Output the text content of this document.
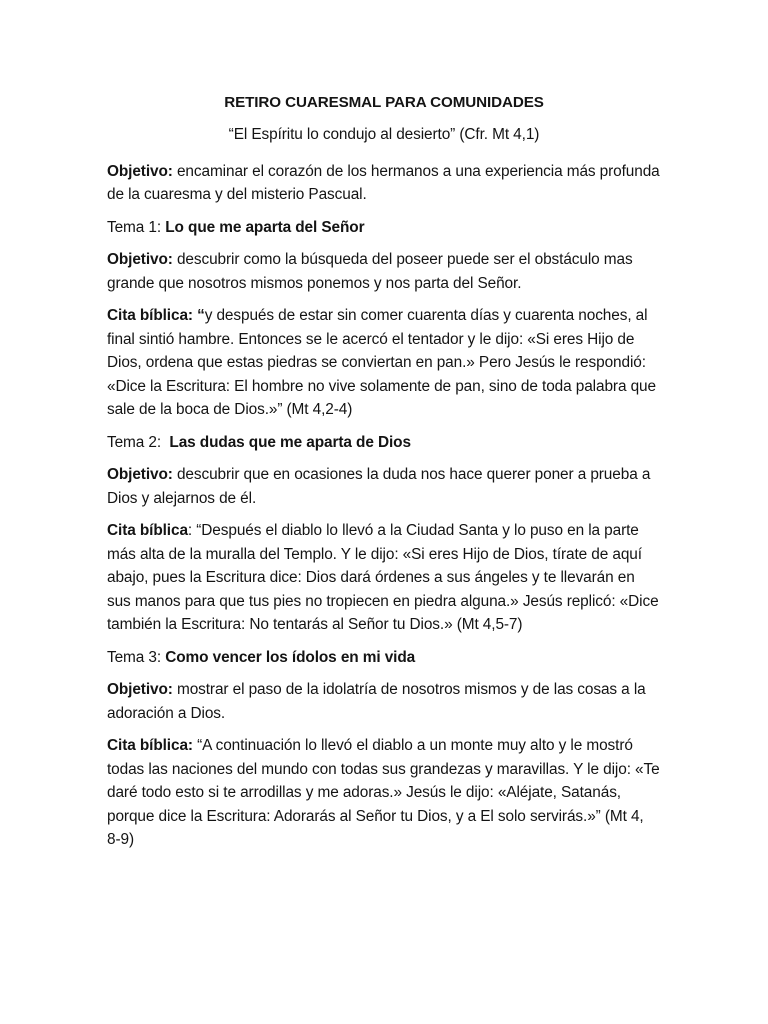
RETIRO CUARESMAL PARA COMUNIDADES
“El Espíritu lo condujo al desierto” (Cfr. Mt 4,1)
Objetivo: encaminar el corazón de los hermanos a una experiencia más profunda de la cuaresma y del misterio Pascual.
Tema 1: Lo que me aparta del Señor
Objetivo: descubrir como la búsqueda del poseer puede ser el obstáculo mas grande que nosotros mismos ponemos y nos parta del Señor.
Cita bíblica: “y después de estar sin comer cuarenta días y cuarenta noches, al final sintió hambre. Entonces se le acercó el tentador y le dijo: «Si eres Hijo de Dios, ordena que estas piedras se conviertan en pan.» Pero Jesús le respondió: «Dice la Escritura: El hombre no vive solamente de pan, sino de toda palabra que sale de la boca de Dios.»” (Mt 4,2-4)
Tema 2:  Las dudas que me aparta de Dios
Objetivo: descubrir que en ocasiones la duda nos hace querer poner a prueba a Dios y alejarnos de él.
Cita bíblica: “Después el diablo lo llevó a la Ciudad Santa y lo puso en la parte más alta de la muralla del Templo. Y le dijo: «Si eres Hijo de Dios, tírate de aquí abajo, pues la Escritura dice: Dios dará órdenes a sus ángeles y te llevarán en sus manos para que tus pies no tropiecen en piedra alguna.» Jesús replicó: «Dice también la Escritura: No tentarás al Señor tu Dios.» (Mt 4,5-7)
Tema 3: Como vencer los ídolos en mi vida
Objetivo: mostrar el paso de la idolatría de nosotros mismos y de las cosas a la adoración a Dios.
Cita bíblica: “A continuación lo llevó el diablo a un monte muy alto y le mostró todas las naciones del mundo con todas sus grandezas y maravillas. Y le dijo: «Te daré todo esto si te arrodillas y me adoras.» Jesús le dijo: «Aléjate, Satanás, porque dice la Escritura: Adorarás al Señor tu Dios, y a El solo servirás.»” (Mt 4, 8-9)
